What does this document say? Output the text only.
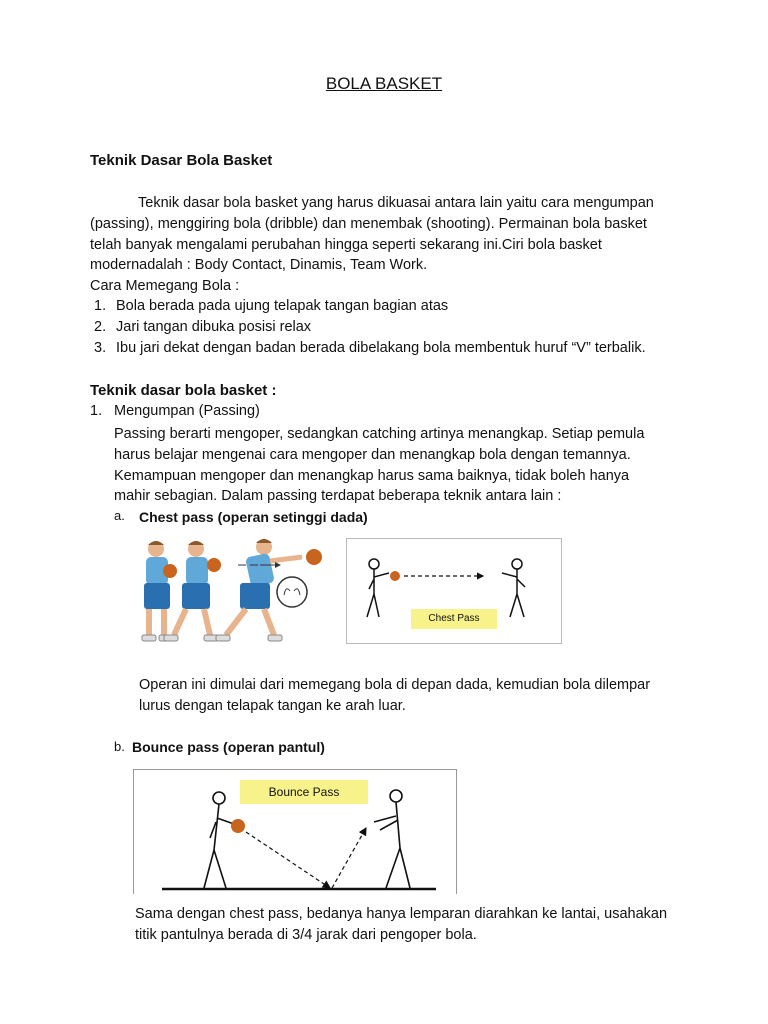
BOLA BASKET
Teknik Dasar Bola Basket
Teknik dasar bola basket yang harus dikuasai antara lain yaitu cara mengumpan
(passing), menggiring bola (dribble) dan menembak (shooting). Permainan bola basket
telah banyak mengalami perubahan hingga seperti sekarang ini.Ciri bola basket
modernadalah : Body Contact, Dinamis, Team Work.
Cara Memegang Bola :
1. Bola berada pada ujung telapak tangan bagian atas
2. Jari tangan dibuka posisi relax
3. Ibu jari dekat dengan badan berada dibelakang bola membentuk huruf “V” terbalik.
Teknik dasar bola basket :
1. Mengumpan (Passing)
Passing berarti mengoper, sedangkan catching artinya menangkap. Setiap pemula
harus belajar mengenai cara mengoper dan menangkap bola dengan temannya.
Kemampuan mengoper dan menangkap harus sama baiknya, tidak boleh hanya
mahir sebagian. Dalam passing terdapat beberapa teknik antara lain :
a. Chest pass (operan setinggi dada)
Chest Pass
Operan ini dimulai dari memegang bola di depan dada, kemudian bola dilempar
lurus dengan telapak tangan ke arah luar.
b. Bounce pass (operan pantul)
Bounce Pass
Sama dengan chest pass, bedanya hanya lemparan diarahkan ke lantai, usahakan
titik pantulnya berada di 3/4 jarak dari pengoper bola.
